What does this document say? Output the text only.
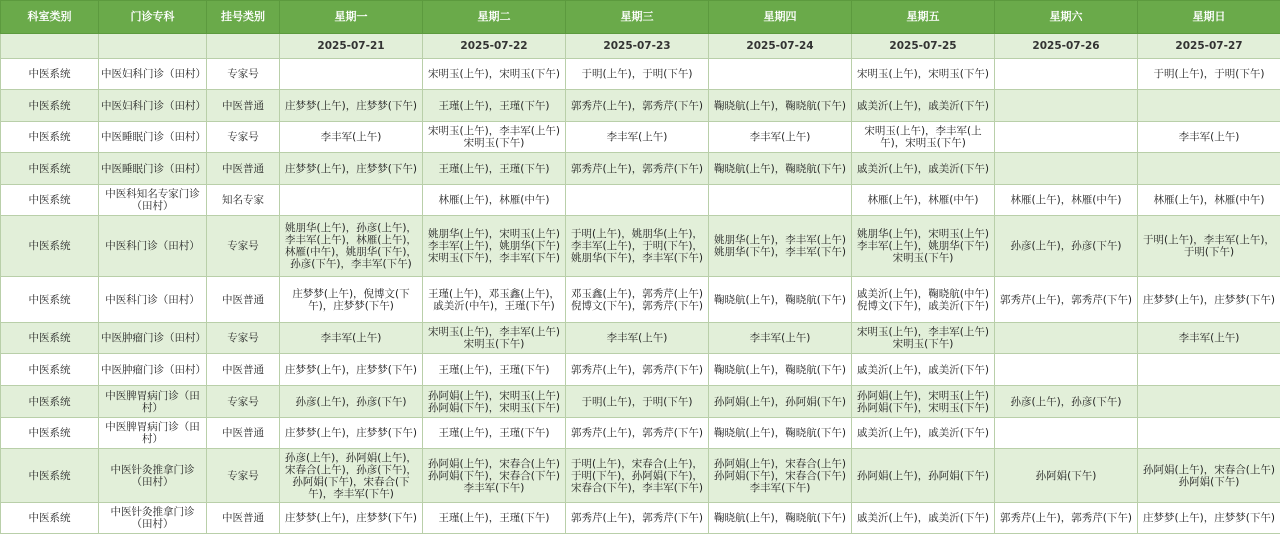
科室类别	门诊专科	挂号类别	星期一	星期二	星期三	星期四	星期五	星期六	星期日
			2025-07-21	2025-07-22	2025-07-23	2025-07-24	2025-07-25	2025-07-26	2025-07-27
中医系统	中医妇科门诊（田村）	专家号		宋明玉(上午)，宋明玉(下午)	于明(上午)，于明(下午)		宋明玉(上午)，宋明玉(下午)		于明(上午)，于明(下午)
中医系统	中医妇科门诊（田村）	中医普通	庄梦梦(上午)，庄梦梦(下午)	王瑾(上午)，王瑾(下午)	郭秀芹(上午)，郭秀芹(下午)	鞠晓航(上午)，鞠晓航(下午)	戚美沂(上午)，戚美沂(下午)		
中医系统	中医睡眠门诊（田村）	专家号	李丰军(上午)	宋明玉(上午)，李丰军(上午) 宋明玉(下午)	李丰军(上午)	李丰军(上午)	宋明玉(上午)，李丰军(上午)，宋明玉(下午)		李丰军(上午)
中医系统	中医睡眠门诊（田村）	中医普通	庄梦梦(上午)，庄梦梦(下午)	王瑾(上午)，王瑾(下午)	郭秀芹(上午)，郭秀芹(下午)	鞠晓航(上午)，鞠晓航(下午)	戚美沂(上午)，戚美沂(下午)		
中医系统	中医科知名专家门诊（田村）	知名专家		林雁(上午)，林雁(中午)			林雁(上午)，林雁(中午)	林雁(上午)，林雁(中午)	林雁(上午)，林雁(中午)
中医系统	中医科门诊（田村）	专家号	姚朋华(上午)，孙彦(上午)，李丰军(上午)，林雁(上午)，林雁(中午)，姚朋华(下午)，孙彦(下午)，李丰军(下午)	姚朋华(上午)，宋明玉(上午) 李丰军(上午)，姚朋华(下午) 宋明玉(下午)，李丰军(下午)	于明(上午)，姚朋华(上午)，李丰军(上午)，于明(下午)，姚朋华(下午)，李丰军(下午)	姚朋华(上午)，李丰军(上午) 姚朋华(下午)，李丰军(下午)	姚朋华(上午)，宋明玉(上午) 李丰军(上午)，姚朋华(下午) 宋明玉(下午)	孙彦(上午)，孙彦(下午)	于明(上午)，李丰军(上午)，于明(下午)
中医系统	中医科门诊（田村）	中医普通	庄梦梦(上午)，倪博文(下午)，庄梦梦(下午)	王瑾(上午)，邓玉鑫(上午)，戚美沂(中午)，王瑾(下午)	邓玉鑫(上午)，郭秀芹(上午) 倪博文(下午)，郭秀芹(下午)	鞠晓航(上午)，鞠晓航(下午)	戚美沂(上午)，鞠晓航(中午) 倪博文(下午)，戚美沂(下午)	郭秀芹(上午)，郭秀芹(下午)	庄梦梦(上午)，庄梦梦(下午)
中医系统	中医肿瘤门诊（田村）	专家号	李丰军(上午)	宋明玉(上午)，李丰军(上午) 宋明玉(下午)	李丰军(上午)	李丰军(上午)	宋明玉(上午)，李丰军(上午) 宋明玉(下午)		李丰军(上午)
中医系统	中医肿瘤门诊（田村）	中医普通	庄梦梦(上午)，庄梦梦(下午)	王瑾(上午)，王瑾(下午)	郭秀芹(上午)，郭秀芹(下午)	鞠晓航(上午)，鞠晓航(下午)	戚美沂(上午)，戚美沂(下午)		
中医系统	中医脾胃病门诊（田村）	专家号	孙彦(上午)，孙彦(下午)	孙阿娟(上午)，宋明玉(上午) 孙阿娟(下午)，宋明玉(下午)	于明(上午)，于明(下午)	孙阿娟(上午)，孙阿娟(下午)	孙阿娟(上午)，宋明玉(上午) 孙阿娟(下午)，宋明玉(下午)	孙彦(上午)，孙彦(下午)	
中医系统	中医脾胃病门诊（田村）	中医普通	庄梦梦(上午)，庄梦梦(下午)	王瑾(上午)，王瑾(下午)	郭秀芹(上午)，郭秀芹(下午)	鞠晓航(上午)，鞠晓航(下午)	戚美沂(上午)，戚美沂(下午)		
中医系统	中医针灸推拿门诊（田村）	专家号	孙彦(上午)，孙阿娟(上午)，宋春合(上午)，孙彦(下午)，孙阿娟(下午)，宋春合(下午)，李丰军(下午)	孙阿娟(上午)，宋春合(上午) 孙阿娟(下午)，宋春合(下午) 李丰军(下午)	于明(上午)，宋春合(上午)，于明(下午)，孙阿娟(下午)，宋春合(下午)，李丰军(下午)	孙阿娟(上午)，宋春合(上午) 孙阿娟(下午)，宋春合(下午) 李丰军(下午)	孙阿娟(上午)，孙阿娟(下午)	孙阿娟(下午)	孙阿娟(上午)，宋春合(上午) 孙阿娟(下午)
中医系统	中医针灸推拿门诊（田村）	中医普通	庄梦梦(上午)，庄梦梦(下午)	王瑾(上午)，王瑾(下午)	郭秀芹(上午)，郭秀芹(下午)	鞠晓航(上午)，鞠晓航(下午)	戚美沂(上午)，戚美沂(下午)	郭秀芹(上午)，郭秀芹(下午)	庄梦梦(上午)，庄梦梦(下午)
